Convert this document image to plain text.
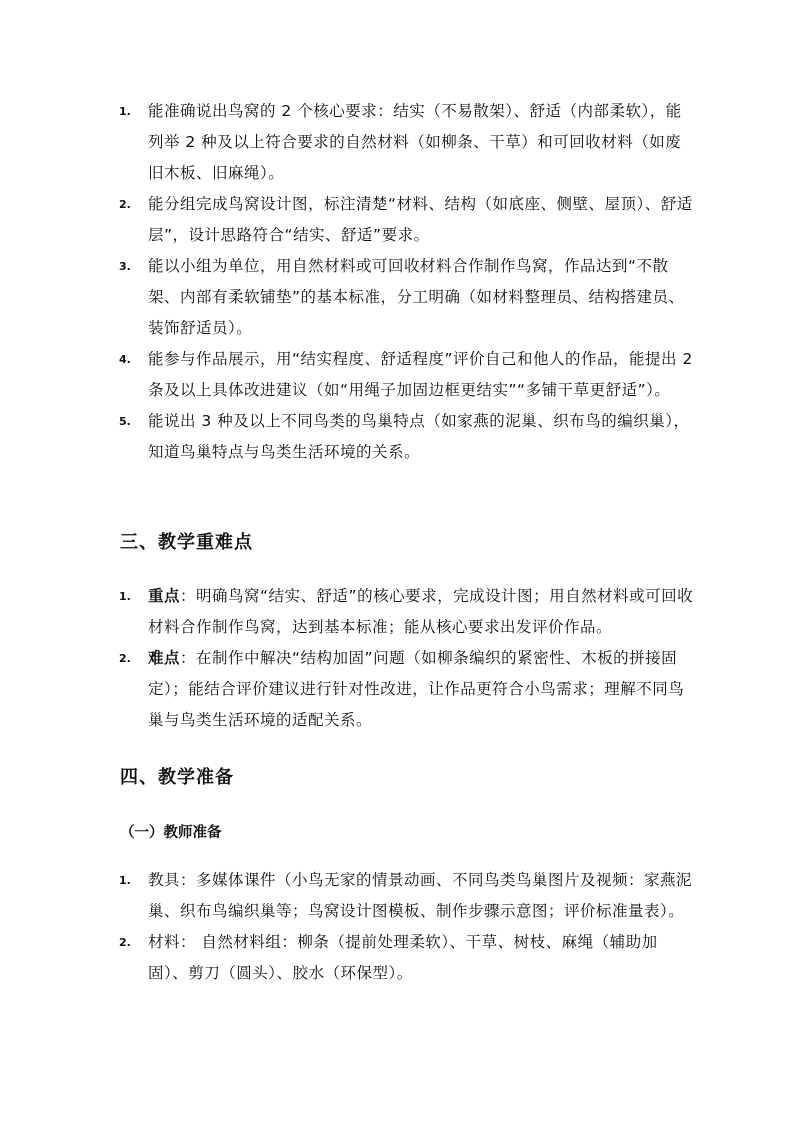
1. 能准确说出鸟窝的 2 个核心要求：结实（不易散架）、舒适（内部柔软），能列举 2 种及以上符合要求的自然材料（如柳条、干草）和可回收材料（如废旧木板、旧麻绳）。
2. 能分组完成鸟窝设计图，标注清楚“材料、结构（如底座、侧壁、屋顶）、舒适层”，设计思路符合“结实、舒适”要求。
3. 能以小组为单位，用自然材料或可回收材料合作制作鸟窝，作品达到“不散架、内部有柔软铺垫”的基本标准，分工明确（如材料整理员、结构搭建员、装饰舒适员）。
4. 能参与作品展示，用“结实程度、舒适程度”评价自己和他人的作品，能提出 2 条及以上具体改进建议（如“用绳子加固边框更结实”“多铺干草更舒适”）。
5. 能说出 3 种及以上不同鸟类的鸟巢特点（如家燕的泥巢、织布鸟的编织巢），知道鸟巢特点与鸟类生活环境的关系。
三、教学重难点
1. 重点：明确鸟窝“结实、舒适”的核心要求，完成设计图；用自然材料或可回收材料合作制作鸟窝，达到基本标准；能从核心要求出发评价作品。
2. 难点：在制作中解决“结构加固”问题（如柳条编织的紧密性、木板的拼接固定）；能结合评价建议进行针对性改进，让作品更符合小鸟需求；理解不同鸟巢与鸟类生活环境的适配关系。
四、教学准备
（一）教师准备
1. 教具：多媒体课件（小鸟无家的情景动画、不同鸟类鸟巢图片及视频：家燕泥巢、织布鸟编织巢等；鸟窝设计图模板、制作步骤示意图；评价标准量表）。
2. 材料： 自然材料组：柳条（提前处理柔软）、干草、树枝、麻绳（辅助加固）、剪刀（圆头）、胶水（环保型）。
